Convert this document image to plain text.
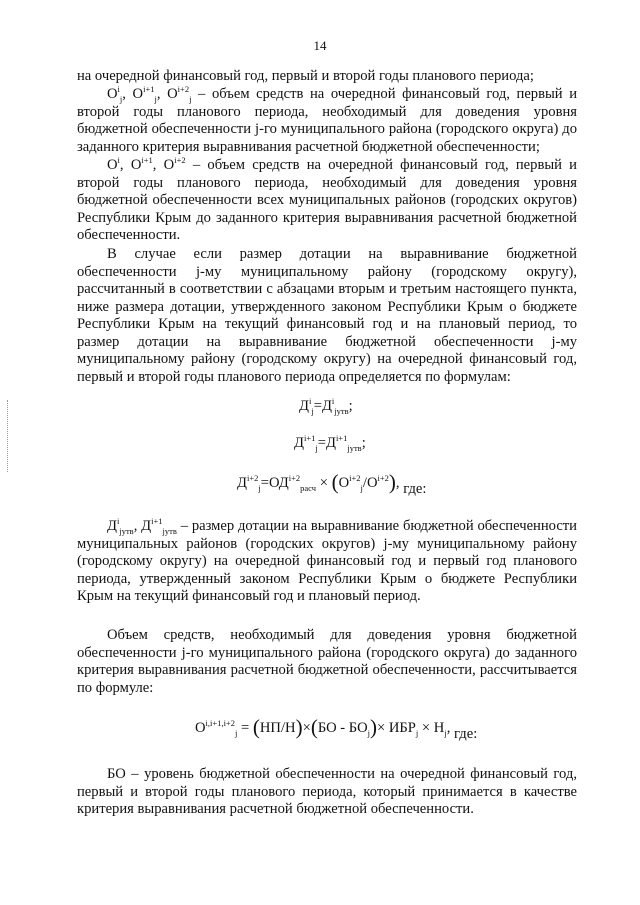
14

на очередной финансовый год, первый и второй годы планового периода;

$O^i_j$, $O^{i+1}_j$, $O^{i+2}_j$ – объем средств на очередной финансовый год, первый и второй годы планового периода, необходимый для доведения уровня бюджетной обеспеченности j-го муниципального района (городского округа) до заданного критерия выравнивания расчетной бюджетной обеспеченности;

$O^i$, $O^{i+1}$, $O^{i+2}$ – объем средств на очередной финансовый год, первый и второй годы планового периода, необходимый для доведения уровня бюджетной обеспеченности всех муниципальных районов (городских округов) Республики Крым до заданного критерия выравнивания расчетной бюджетной обеспеченности.

В случае если размер дотации на выравнивание бюджетной обеспеченности j-му муниципальному району (городскому округу), рассчитанный в соответствии с абзацами вторым и третьим настоящего пункта, ниже размера дотации, утвержденного законом Республики Крым о бюджете Республики Крым на текущий финансовый год и на плановый период, то размер дотации на выравнивание бюджетной обеспеченности j-му муниципальному району (городскому округу) на очередной финансовый год, первый и второй годы планового периода определяется по формулам:

$Д^i_j=Д^i_{jутв}$;
$Д^{i+1}_j=Д^{i+1}_{jутв}$;
$Д^{i+2}_j=ОД^{i+2}_{расч} \times (O^{i+2}_j/O^{i+2})$, где:

$Д^i_{jутв}$, $Д^{i+1}_{jутв}$ – размер дотации на выравнивание бюджетной обеспеченности муниципальных районов (городских округов) j-му муниципальному району (городскому округу) на очередной финансовый год и первый год планового периода, утвержденный законом Республики Крым о бюджете Республики Крым на текущий финансовый год и плановый период.

Объем средств, необходимый для доведения уровня бюджетной обеспеченности j-го муниципального района (городского округа) до заданного критерия выравнивания расчетной бюджетной обеспеченности, рассчитывается по формуле:

$O^{i,i+1,i+2}_j = (НП/Н)\times(БО - БО_j)\times ИБР_j \times Н_j$, где:

БО – уровень бюджетной обеспеченности на очередной финансовый год, первый и второй годы планового периода, который принимается в качестве критерия выравнивания расчетной бюджетной обеспеченности.
